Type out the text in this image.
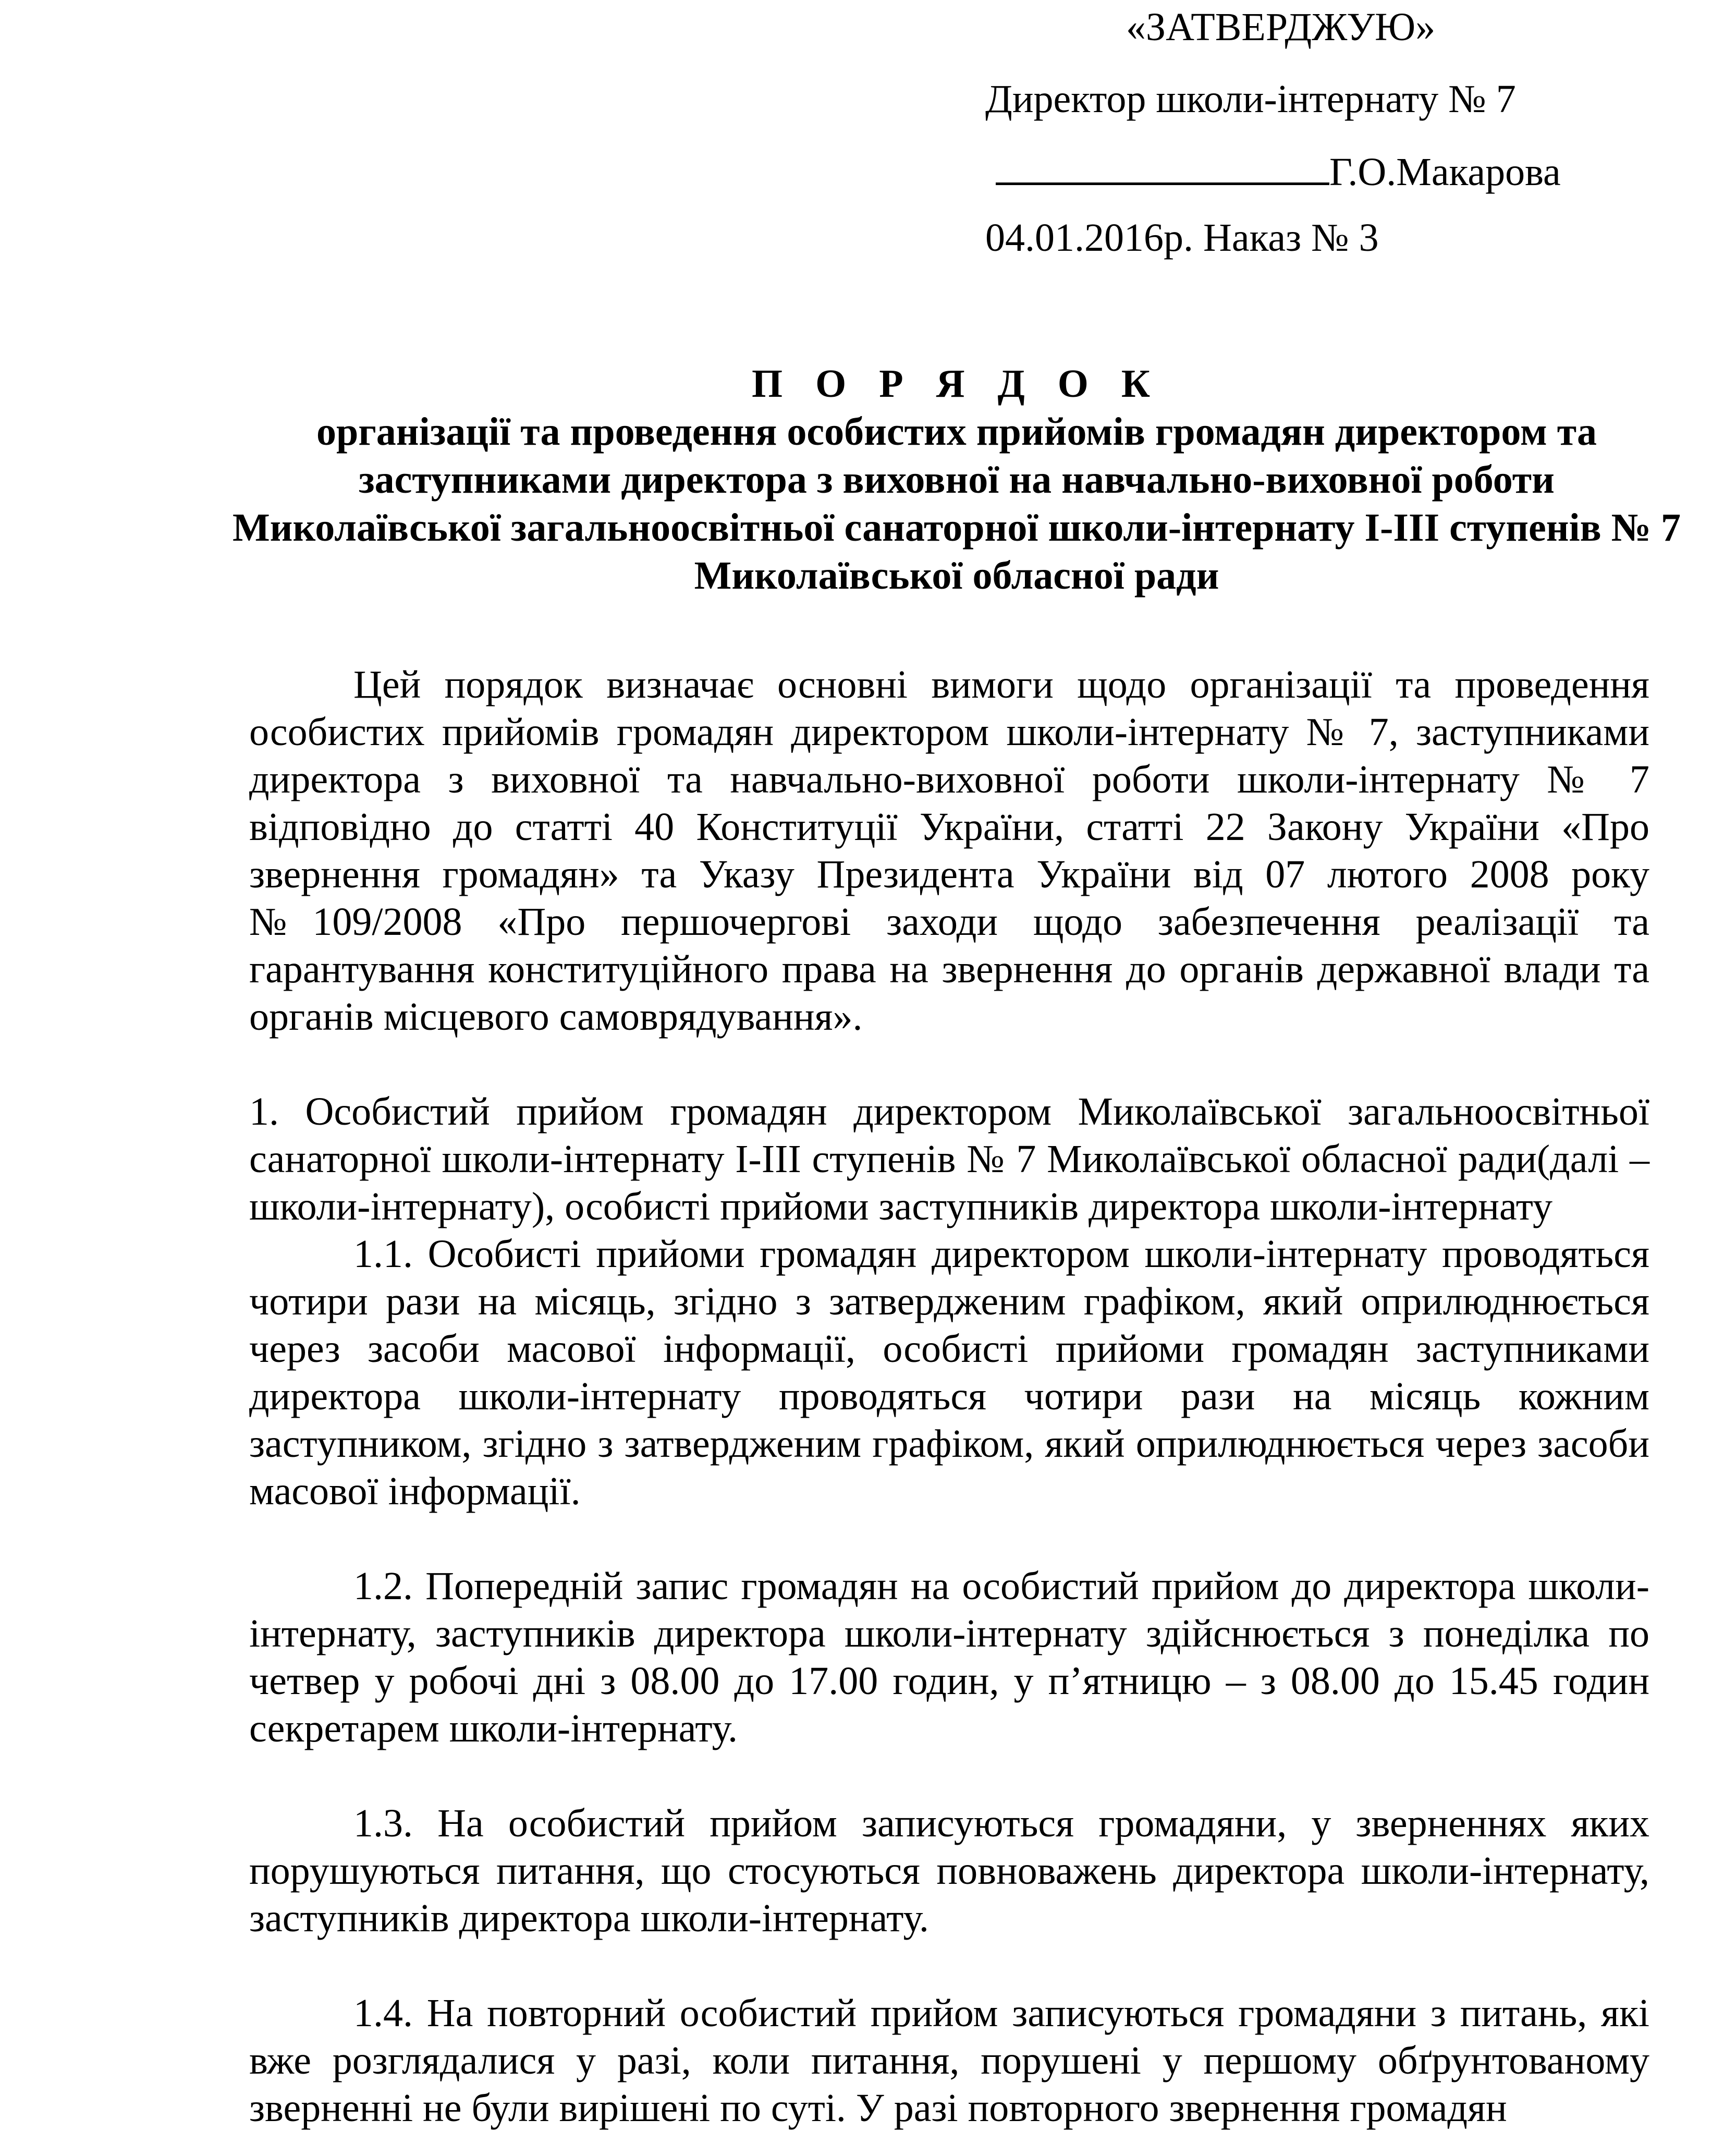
«ЗАТВЕРДЖУЮ»
Директор школи-інтернату № 7
Г.О.Макарова
04.01.2016р. Наказ № 3
П О Р Я Д О К
організації та проведення особистих прийомів громадян директором та заступниками директора з виховної на навчально-виховної роботи Миколаївської загальноосвітньої санаторної школи-інтернату I-III ступенів № 7 Миколаївської обласної ради

Цей порядок визначає основні вимоги щодо організації та проведення особистих прийомів громадян директором школи-інтернату № 7, заступниками директора з виховної та навчально-виховної роботи школи-інтернату № 7 відповідно до статті 40 Конституції України, статті 22 Закону України «Про звернення громадян» та Указу Президента України від 07 лютого 2008 року №109/2008 «Про першочергові заходи щодо забезпечення реалізації та гарантування конституційного права на звернення до органів державної влади та органів місцевого самоврядування».

1. Особистий прийом громадян директором Миколаївської загальноосвітньої санаторної школи-інтернату I-III ступенів № 7 Миколаївської обласної ради(далі – школи-інтернату), особисті прийоми заступників директора школи-інтернату

1.1. Особисті прийоми громадян директором школи-інтернату проводяться чотири рази на місяць, згідно з затвердженим графіком, який оприлюднюється через засоби масової інформації, особисті прийоми громадян заступниками директора школи-інтернату проводяться чотири рази на місяць кожним заступником, згідно з затвердженим графіком, який оприлюднюється через засоби масової інформації.

1.2. Попередній запис громадян на особистий прийом до директора школи-інтернату, заступників директора школи-інтернату здійснюється з понеділка по четвер у робочі дні з 08.00 до 17.00 годин, у п’ятницю – з 08.00 до 15.45 годин секретарем школи-інтернату.

1.3. На особистий прийом записуються громадяни, у зверненнях яких порушуються питання, що стосуються повноважень директора школи-інтернату, заступників директора школи-інтернату.

1.4. На повторний особистий прийом записуються громадяни з питань, які вже розглядалися у разі, коли питання, порушені у першому обґрунтованому зверненні не були вирішені по суті. У разі повторного звернення громадян
